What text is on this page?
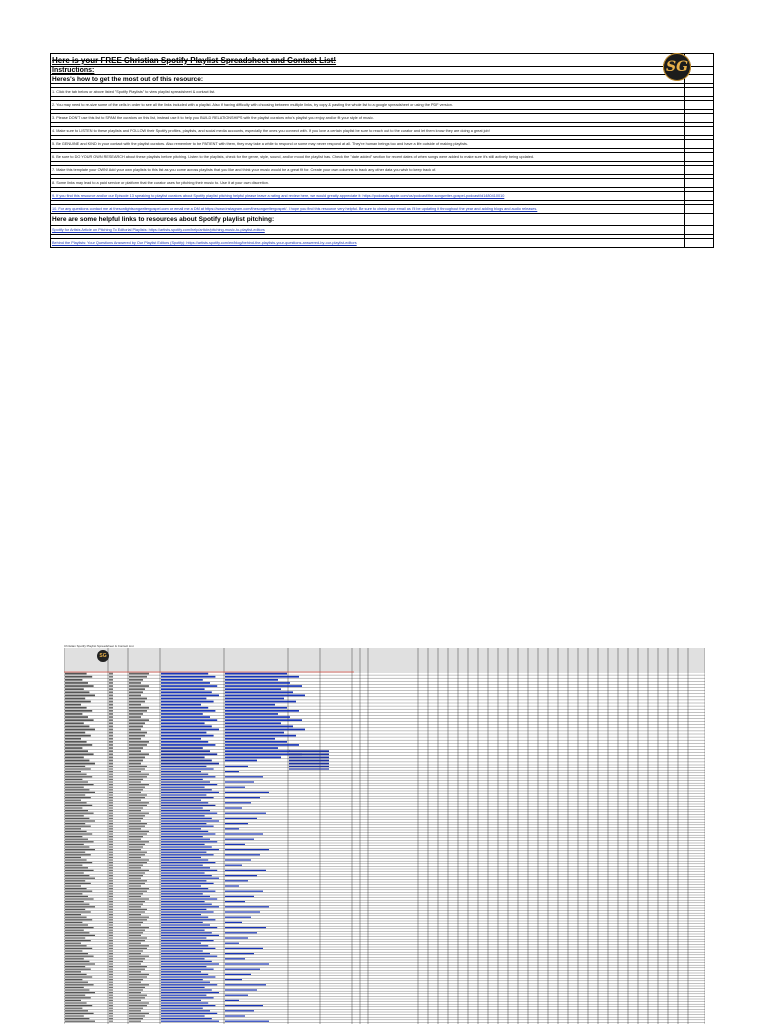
Here is your FREE Christian Spotify Playlist Spreadsheet and Contact List!
Instructions:
Heres's how to get the most out of this resource:
1. Click the tab below or above listed "Spotify Playlists" to view playlist spreadsheet & contact list.
2. You may need to re-size some of the cells in order to see all the links included with a playlist. Also if having difficulty with choosing between multiple links, try copy & pasting the whole list to a google spreadsheet or using the PDF version.
3. Please DON'T use this list to SPAM the curators on this list, instead use it to help you BUILD RELATIONSHIPS with the playlist curators who's playlist you enjoy and/or fit your style of music.
4. Make sure to LISTEN to these playlists and FOLLOW their Spotify profiles, playlists, and social media accounts, especially the ones you connect with. If you love a certain playlist be sure to reach out to the curator and let them know they are doing a great job!
5. Be GENUINE and KIND in your contact with the playlist curators. Also remember to be PATIENT with them, they may take a while to respond or some may never respond at all. They're human beings too and have a life outside of making playlists.
6. Be sure to DO YOUR OWN RESEARCH about these playlists before pitching. Listen to the playlists, check for the genre, style, sound, and/or mood the playlist has. Check the "date added" section for recent dates of when songs were added to make sure it's still actively being updated.
7. Make this template your OWN! Add your own playlists to this list as you come across playlists that you like and think your music would be a great fit for. Create your own columns to track any other data you wish to keep track of.
8. Some links may lead to a paid service or platform that the curator uses for pitching their music to. Use it at your own discretion.
9. If you find this resource and/or our Episode 13 speaking to playlist curators about Spotify playlist pitching helpful please leave a rating and review here, we would greatly appreciate it: https://podcasts.apple.com/us/podcast/the-songwriter-gospel-podcast/id1480410010
10. For any questions contact me at thesonlightsongwritergospel.com or email me a DM at https://www.instagram.com/thesongwritergospel/. I hope you find this resource very helpful. Be sure to check your email as I'll be updating it throughout the year and adding blogs and audio releases.
Here are some helpful links to resources about Spotify playlist pitching:
Spotify for Artists Article on Pitching To Editorial Playlists: https://artists.spotify.com/help/article/pitching-music-to-playlist-editors
Behind the Playlists: Your Questions Answered by Our Playlist Editors (Spotify): https://artists.spotify.com/en/blog/behind-the-playlists-your-questions-answered-by-our-playlist-editors
SG
Christian Spotify Playlist Spreadsheet & Contact List
SG
